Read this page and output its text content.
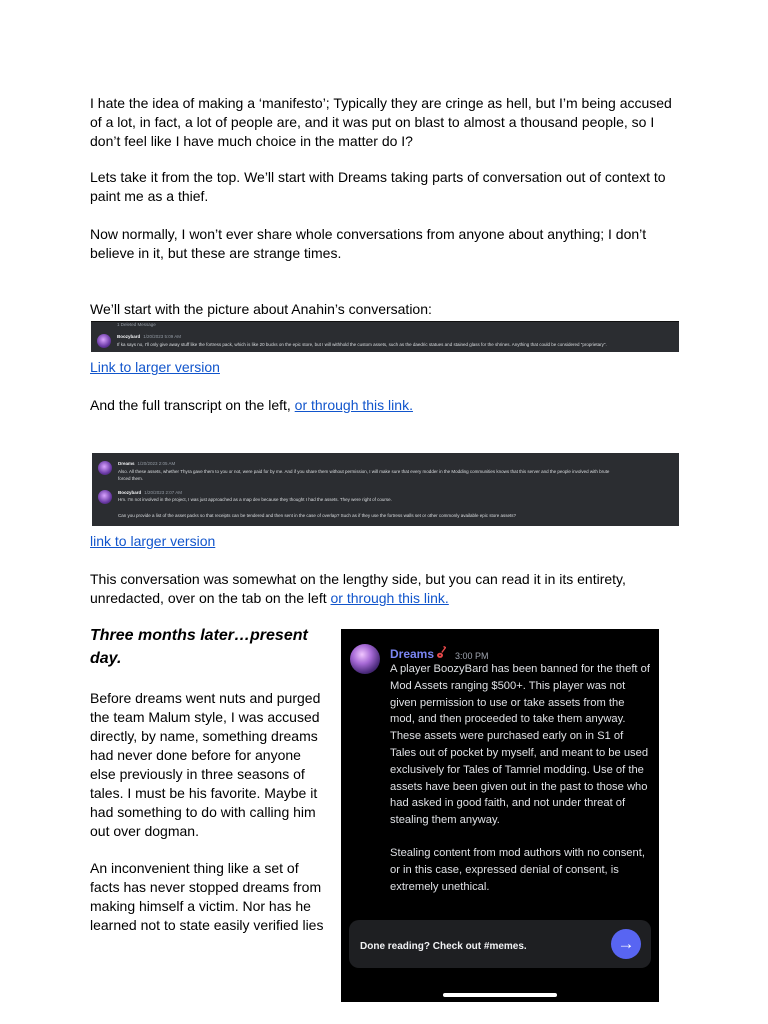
I hate the idea of making a ‘manifesto’; Typically they are cringe as hell, but I’m being accused of a lot, in fact, a lot of people are, and it was put on blast to almost a thousand people, so I don’t feel like I have much choice in the matter do I?

Lets take it from the top. We’ll start with Dreams taking parts of conversation out of context to paint me as a thief.

Now normally, I won’t ever share whole conversations from anyone about anything; I don’t believe in it, but these are strange times.

We’ll start with the picture about Anahin’s conversation:

1 Deleted Message
Boozybard 1/20/2023 5:09 AM
If ka says no, I'll only give away stuff like the fortress pack, which is like 20 bucks on the epic store, but I will withhold the custom assets, such as the daedric statues and stained glass for the shrines. Anything that could be considered "proprietary".

Link to larger version

And the full transcript on the left, or through this link.

Dreams 1/20/2023 2:05 AM
Also. All these assets, whether Thyra gave them to you or not, were paid for by me. And if you share them without permission, I will make sure that every modder in the Modding communities knows that this server and the people involved with brute
forced them.
Boozybard 1/20/2023 2:07 AM
Hm. I'm not involved in the project, I was just approached as a map dev because they thought I had the assets. They were right of course.
Can you provide a list of the asset packs so that receipts can be tendered and then sent in the case of overlap? Such as if they use the fortress walls set or other commonly available epic store assets?

link to larger version

This conversation was somewhat on the lengthy side, but you can read it in its entirety, unredacted, over on the tab on the left or through this link.

Three months later…present day.

Before dreams went nuts and purged the team Malum style, I was accused directly, by name, something dreams had never done before for anyone else previously in three seasons of tales. I must be his favorite. Maybe it had something to do with calling him out over dogman.

An inconvenient thing like a set of facts has never stopped dreams from making himself a victim. Nor has he learned not to state easily verified lies

Dreams 3:00 PM

A player BoozyBard has been banned for the theft of Mod Assets ranging $500+. This player was not given permission to use or take assets from the mod, and then proceeded to take them anyway. These assets were purchased early on in S1 of Tales out of pocket by myself, and meant to be used exclusively for Tales of Tamriel modding. Use of the assets have been given out in the past to those who had asked in good faith, and not under threat of stealing them anyway.

Stealing content from mod authors with no consent, or in this case, expressed denial of consent, is extremely unethical.

Done reading? Check out #memes.	→
